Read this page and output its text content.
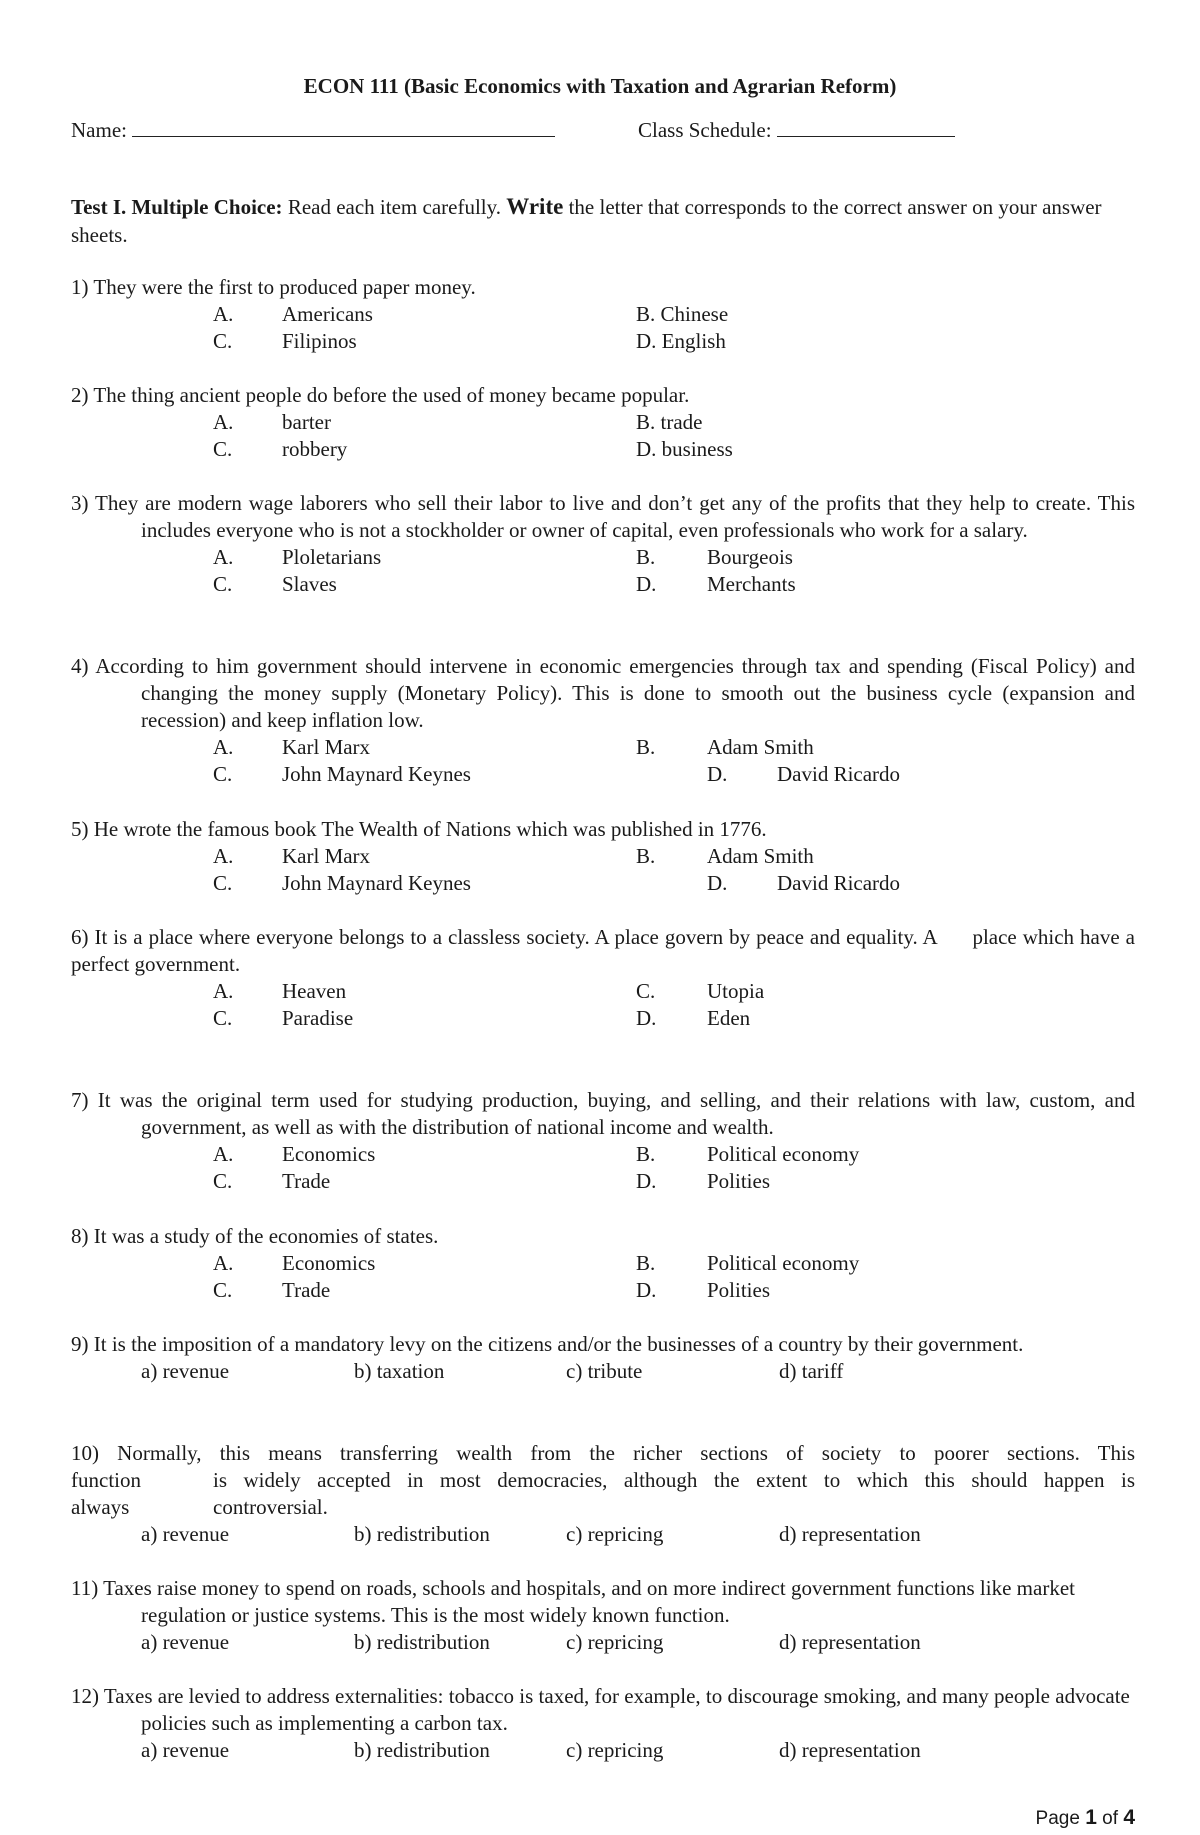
ECON 111 (Basic Economics with Taxation and Agrarian Reform)
Name:	Class Schedule:
Test I. Multiple Choice: Read each item carefully. Write the letter that corresponds to the correct answer on your answer sheets.

1) They were the first to produced paper money.

A. Americans	B. Chinese
C. Filipinos	D. English

2) The thing ancient people do before the used of money became popular.

A. barter	B. trade
C. robbery	D. business

3) They are modern wage laborers who sell their labor to live and don’t get any of the profits that they help to create. This includes everyone who is not a stockholder or owner of capital, even professionals who work for a salary.

A. Ploletarians	B. Bourgeois
C. Slaves	D. Merchants

4) According to him government should intervene in economic emergencies through tax and spending (Fiscal Policy) and changing the money supply (Monetary Policy). This is done to smooth out the business cycle (expansion and recession) and keep inflation low.

A. Karl Marx	B. Adam Smith
C. John Maynard Keynes	D. David Ricardo

5) He wrote the famous book The Wealth of Nations which was published in 1776.

A. Karl Marx	B. Adam Smith
C. John Maynard Keynes	D. David Ricardo

6) It is a place where everyone belongs to a classless society. A place govern by peace and equality. A      place which have a perfect government.

A. Heaven	C. Utopia
C. Paradise	D. Eden

7) It was the original term used for studying production, buying, and selling, and their relations with law, custom, and government, as well as with the distribution of national income and wealth.

A. Economics	B. Political economy
C. Trade	D. Polities

8) It was a study of the economies of states.

A. Economics	B. Political economy
C. Trade	D. Polities

9) It is the imposition of a mandatory levy on the citizens and/or the businesses of a country by their government.

a) revenue	b) taxation	c) tribute	d) tariff
10) Normally, this means transferring wealth from the richer sections of society to poorer sections. This
function	is widely accepted in most democracies, although the extent to which this should happen is
always	controversial.
a) revenue	b) redistribution	c) repricing	d) representation

11) Taxes raise money to spend on roads, schools and hospitals, and on more indirect government functions like market regulation or justice systems. This is the most widely known function.

a) revenue	b) redistribution	c) repricing	d) representation

12) Taxes are levied to address externalities: tobacco is taxed, for example, to discourage smoking, and many people advocate policies such as implementing a carbon tax.

a) revenue	b) redistribution	c) repricing	d) representation
Page 1 of 4
